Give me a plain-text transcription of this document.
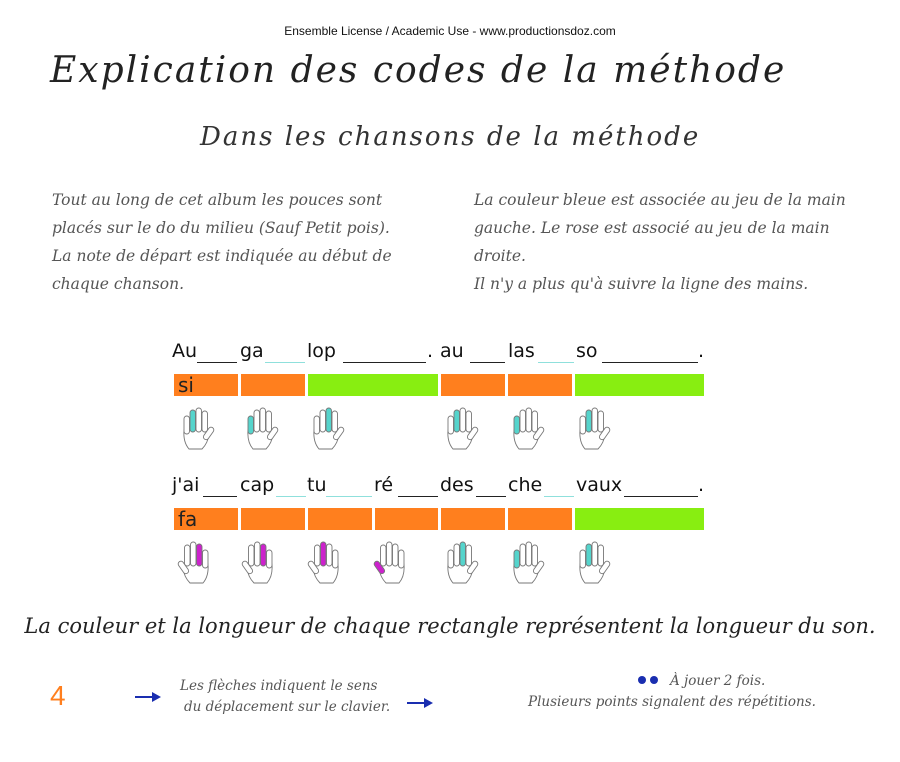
Ensemble License / Academic Use - www.productionsdoz.com
Explication des codes de la méthode
Dans les chansons de la méthode
Tout au long de cet album les pouces sont
placés sur le do du milieu (Sauf Petit pois).
La note de départ est indiquée au début de
chaque chanson.
La couleur bleue est associée au jeu de la main
gauche. Le rose est associé au jeu de la main
droite.
Il n'y a plus qu'à suivre la ligne des mains.
Au ga lop	. au las so	.
si
j'ai cap tu	ré des che vaux	.
fa
La couleur et la longueur de chaque rectangle représentent la longueur du son.
4	Les flèches indiquent le sens
du déplacement sur le clavier.
À jouer 2 fois.
Plusieurs points signalent des répétitions.
